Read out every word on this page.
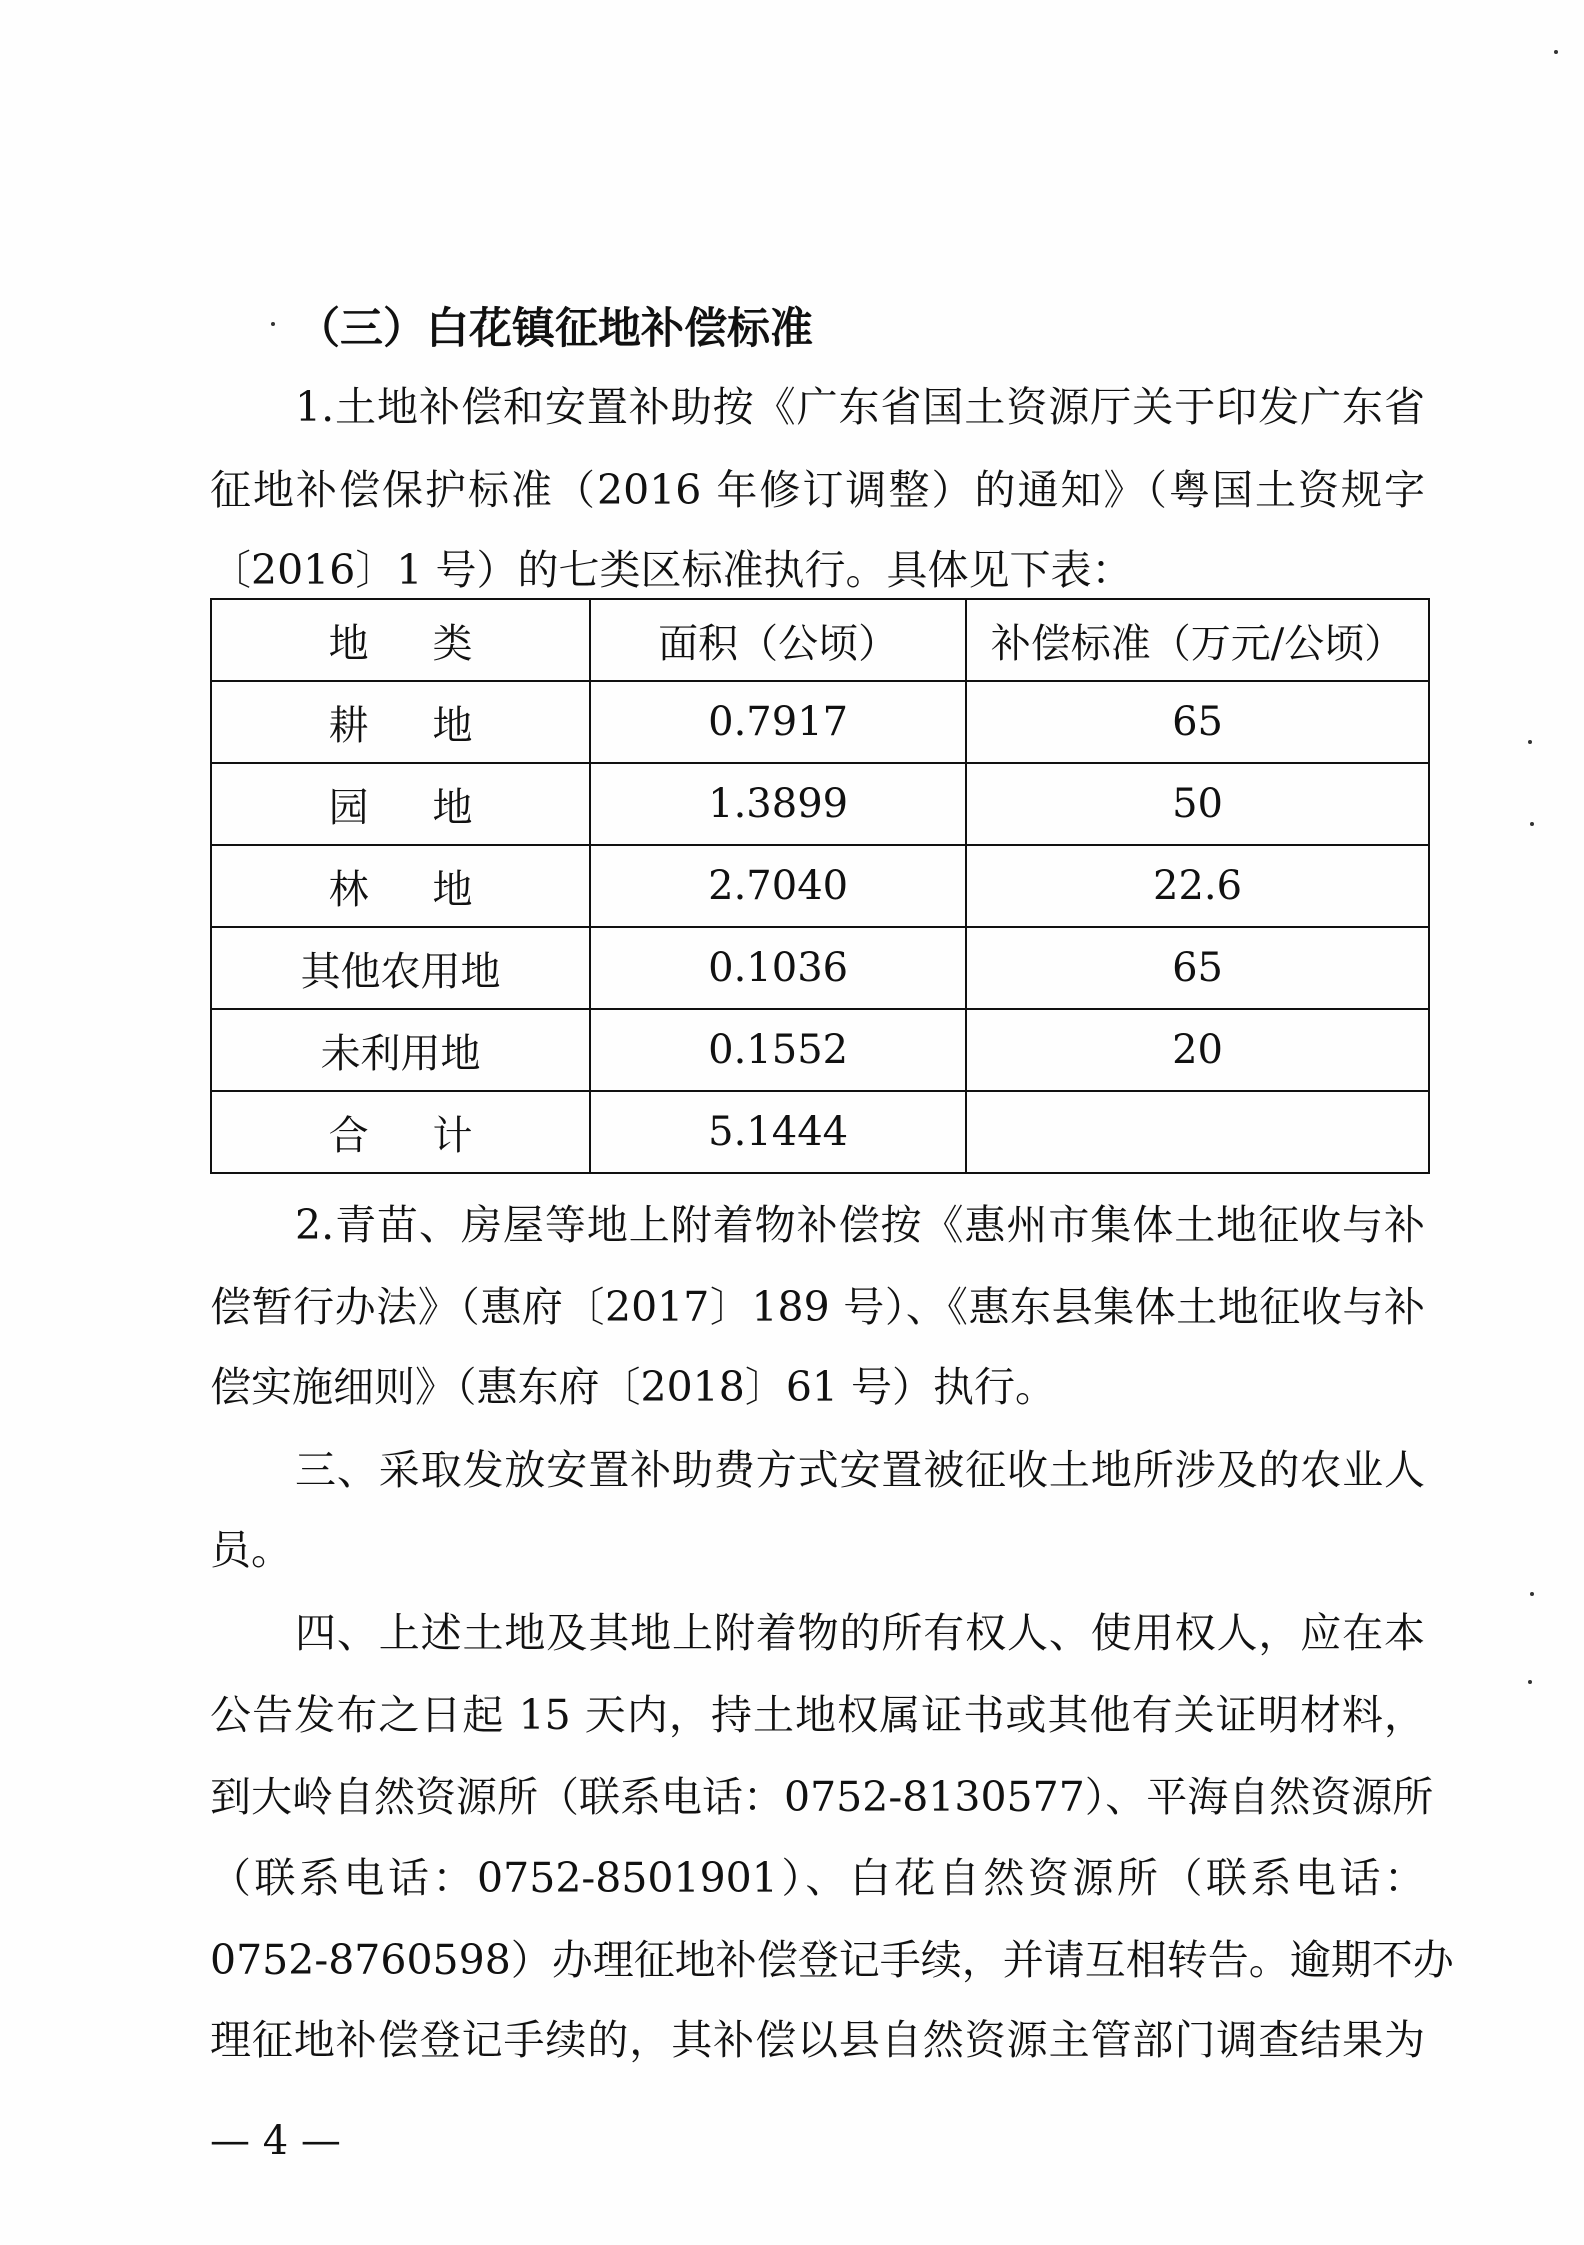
（三）白花镇征地补偿标准
1.土地补偿和安置补助按《广东省国土资源厅关于印发广东省
征地补偿保护标准（2016 年修订调整）的通知》（粤国土资规字
〔2016〕1 号）的七类区标准执行。具体见下表：
地类	面积（公顷）	补偿标准（万元/公顷）
耕地	0.7917	65
园地	1.3899	50
林地	2.7040	22.6
其他农用地	0.1036	65
未利用地	0.1552	20
合计	5.1444	
2.青苗、房屋等地上附着物补偿按《惠州市集体土地征收与补
偿暂行办法》（惠府〔2017〕189 号）、《惠东县集体土地征收与补
偿实施细则》（惠东府〔2018〕61 号）执行。
三、采取发放安置补助费方式安置被征收土地所涉及的农业人
员。
四、上述土地及其地上附着物的所有权人、使用权人，应在本
公告发布之日起 15 天内，持土地权属证书或其他有关证明材料，
到大岭自然资源所（联系电话：0752-8130577）、平海自然资源所
（联系电话：0752-8501901）、白花自然资源所（联系电话：
0752-8760598）办理征地补偿登记手续，并请互相转告。逾期不办
理征地补偿登记手续的，其补偿以县自然资源主管部门调查结果为
— 4 —
